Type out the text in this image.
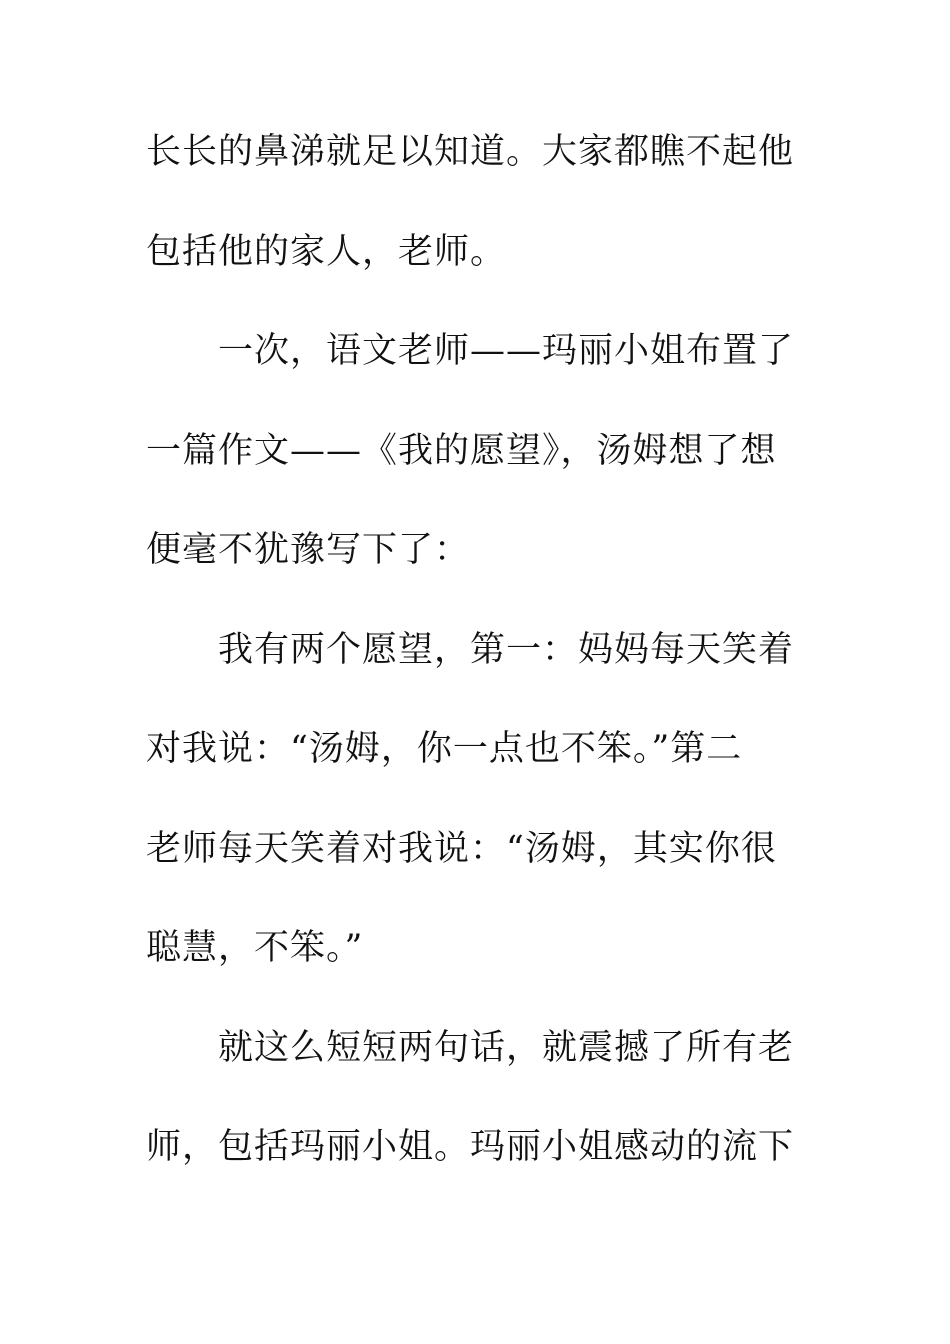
长长的鼻涕就足以知道。大家都瞧不起他
包括他的家人，老师。
一次，语文老师——玛丽小姐布置了
一篇作文——《我的愿望》，汤姆想了想
便毫不犹豫写下了：
我有两个愿望，第一：妈妈每天笑着
对我说：“汤姆，你一点也不笨。”第二
老师每天笑着对我说：“汤姆，其实你很
聪慧，不笨。”
就这么短短两句话，就震撼了所有老
师，包括玛丽小姐。玛丽小姐感动的流下
